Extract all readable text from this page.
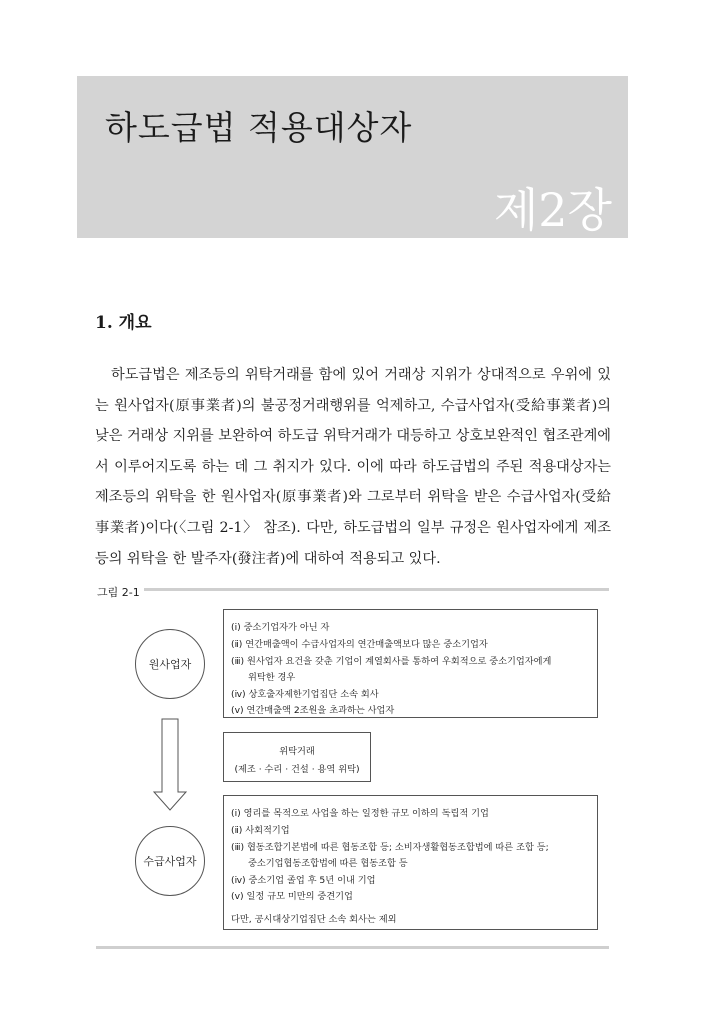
하도급법 적용대상자
제2장
1. 개요

하도급법은 제조등의 위탁거래를 함에 있어 거래상 지위가 상대적으로 우위에 있는 원사업자(原事業者)의 불공정거래행위를 억제하고, 수급사업자(受給事業者)의 낮은 거래상 지위를 보완하여 하도급 위탁거래가 대등하고 상호보완적인 협조관계에서 이루어지도록 하는 데 그 취지가 있다. 이에 따라 하도급법의 주된 적용대상자는 제조등의 위탁을 한 원사업자(原事業者)와 그로부터 위탁을 받은 수급사업자(受給事業者)이다(〈그림 2-1〉 참조). 다만, 하도급법의 일부 규정은 원사업자에게 제조등의 위탁을 한 발주자(發注者)에 대하여 적용되고 있다.

그림 2-1
원사업자
(ⅰ) 중소기업자가 아닌 자
(ⅱ) 연간매출액이 수급사업자의 연간매출액보다 많은 중소기업자
(ⅲ) 원사업자 요건을 갖춘 기업이 계열회사를 통하여 우회적으로 중소기업자에게
위탁한 경우
(ⅳ) 상호출자제한기업집단 소속 회사
(ⅴ) 연간매출액 2조원을 초과하는 사업자
위탁거래
(제조 · 수리 · 건설 · 용역 위탁)
수급사업자
(ⅰ) 영리를 목적으로 사업을 하는 일정한 규모 이하의 독립적 기업
(ⅱ) 사회적기업
(ⅲ) 협동조합기본법에 따른 협동조합 등; 소비자생활협동조합법에 따른 조합 등;
중소기업협동조합법에 따른 협동조합 등
(ⅳ) 중소기업 졸업 후 5년 이내 기업
(ⅴ) 일정 규모 미만의 중견기업
다만, 공시대상기업집단 소속 회사는 제외
